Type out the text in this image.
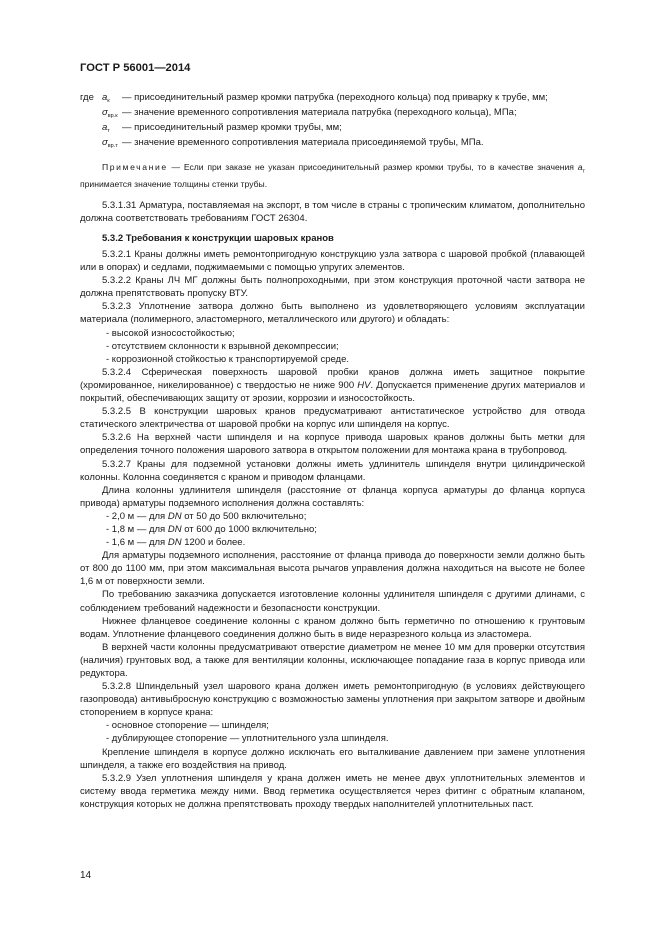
ГОСТ Р 56001—2014
где $a_к$	— присоединительный размер кромки патрубка (переходного кольца) под приварку к трубе, мм;
$\sigma_{вр.к}$ — значение временного сопротивления материала патрубка (переходного кольца), МПа;
$a_т$	— присоединительный размер кромки трубы, мм;
$\sigma_{вр.т}$ — значение временного сопротивления материала присоединяемой трубы, МПа.

Примечание — Если при заказе не указан присоединительный размер кромки трубы, то в качестве значения $a_т$ принимается значение толщины стенки трубы.

5.3.1.31 Арматура, поставляемая на экспорт, в том числе в страны с тропическим климатом, дополнительно должна соответствовать требованиям ГОСТ 26304.

5.3.2 Требования к конструкции шаровых кранов

5.3.2.1 Краны должны иметь ремонтопригодную конструкцию узла затвора с шаровой пробкой (плавающей или в опорах) и седлами, поджимаемыми с помощью упругих элементов.

5.3.2.2 Краны ЛЧ МГ должны быть полнопроходными, при этом конструкция проточной части затвора не должна препятствовать пропуску ВТУ.

5.3.2.3 Уплотнение затвора должно быть выполнено из удовлетворяющего условиям эксплуатации материала (полимерного, эластомерного, металлического или другого) и обладать:

- высокой износостойкостью;

- отсутствием склонности к взрывной декомпрессии;

- коррозионной стойкостью к транспортируемой среде.

5.3.2.4 Сферическая поверхность шаровой пробки кранов должна иметь защитное покрытие (хромированное, никелированное) с твердостью не ниже 900 HV. Допускается применение других материалов и покрытий, обеспечивающих защиту от эрозии, коррозии и износостойкость.

5.3.2.5 В конструкции шаровых кранов предусматривают антистатическое устройство для отвода статического электричества от шаровой пробки на корпус или шпинделя на корпус.

5.3.2.6 На верхней части шпинделя и на корпусе привода шаровых кранов должны быть метки для определения точного положения шарового затвора в открытом положении для монтажа крана в трубопровод.

5.3.2.7 Краны для подземной установки должны иметь удлинитель шпинделя внутри цилиндрической колонны. Колонна соединяется с краном и приводом фланцами.

Длина колонны удлинителя шпинделя (расстояние от фланца корпуса арматуры до фланца корпуса привода) арматуры подземного исполнения должна составлять:

- 2,0 м — для DN от 50 до 500 включительно;

- 1,8 м — для DN от 600 до 1000 включительно;

- 1,6 м — для DN 1200 и более.

Для арматуры подземного исполнения, расстояние от фланца привода до поверхности земли должно быть от 800 до 1100 мм, при этом максимальная высота рычагов управления должна находиться на высоте не более 1,6 м от поверхности земли.

По требованию заказчика допускается изготовление колонны удлинителя шпинделя с другими длинами, с соблюдением требований надежности и безопасности конструкции.

Нижнее фланцевое соединение колонны с краном должно быть герметично по отношению к грунтовым водам. Уплотнение фланцевого соединения должно быть в виде неразрезного кольца из эластомера.

В верхней части колонны предусматривают отверстие диаметром не менее 10 мм для проверки отсутствия (наличия) грунтовых вод, а также для вентиляции колонны, исключающее попадание газа в корпус привода или редуктора.

5.3.2.8 Шпиндельный узел шарового крана должен иметь ремонтопригодную (в условиях действующего газопровода) антивыбросную конструкцию с возможностью замены уплотнения при закрытом затворе и двойным стопорением в корпусе крана:

- основное стопорение — шпинделя;

- дублирующее стопорение — уплотнительного узла шпинделя.

Крепление шпинделя в корпусе должно исключать его выталкивание давлением при замене уплотнения шпинделя, а также его воздействия на привод.

5.3.2.9 Узел уплотнения шпинделя у крана должен иметь не менее двух уплотнительных элементов и систему ввода герметика между ними. Ввод герметика осуществляется через фитинг с обратным клапаном, конструкция которых не должна препятствовать проходу твердых наполнителей уплотнительных паст.

14
